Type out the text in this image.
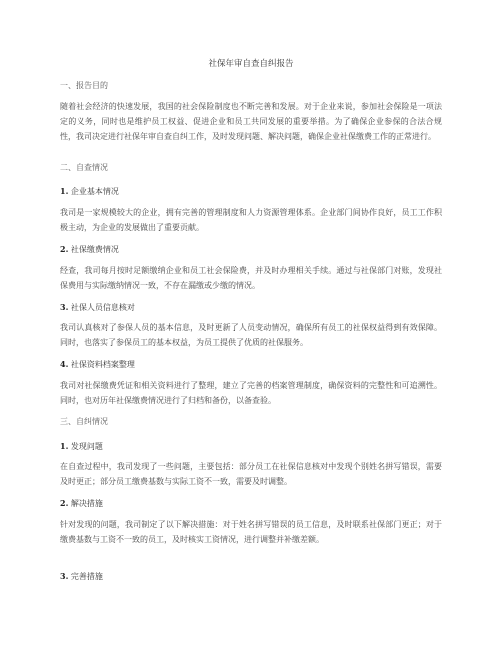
社保年审自查自纠报告
一、报告目的

随着社会经济的快速发展，我国的社会保险制度也不断完善和发展。对于企业来说，参加社会保险是一项法定的义务，同时也是维护员工权益、促进企业和员工共同发展的重要举措。为了确保企业参保的合法合规性，我司决定进行社保年审自查自纠工作，及时发现问题、解决问题，确保企业社保缴费工作的正常进行。

二、自查情况
1. 企业基本情况

我司是一家规模较大的企业，拥有完善的管理制度和人力资源管理体系。企业部门间协作良好，员工工作积极主动，为企业的发展做出了重要贡献。

2. 社保缴费情况

经查，我司每月按时足额缴纳企业和员工社会保险费，并及时办理相关手续。通过与社保部门对账，发现社保费用与实际缴纳情况一致，不存在漏缴或少缴的情况。

3. 社保人员信息核对

我司认真核对了参保人员的基本信息，及时更新了人员变动情况，确保所有员工的社保权益得到有效保障。同时，也落实了参保员工的基本权益，为员工提供了优质的社保服务。

4. 社保资料档案整理

我司对社保缴费凭证和相关资料进行了整理，建立了完善的档案管理制度，确保资料的完整性和可追溯性。同时，也对历年社保缴费情况进行了归档和备份，以备查验。

三、自纠情况
1. 发现问题

在自查过程中，我司发现了一些问题，主要包括：部分员工在社保信息核对中发现个别姓名拼写错误，需要及时更正；部分员工缴费基数与实际工资不一致，需要及时调整。

2. 解决措施

针对发现的问题，我司制定了以下解决措施：对于姓名拼写错误的员工信息，及时联系社保部门更正；对于缴费基数与工资不一致的员工，及时核实工资情况，进行调整并补缴差额。

3. 完善措施
